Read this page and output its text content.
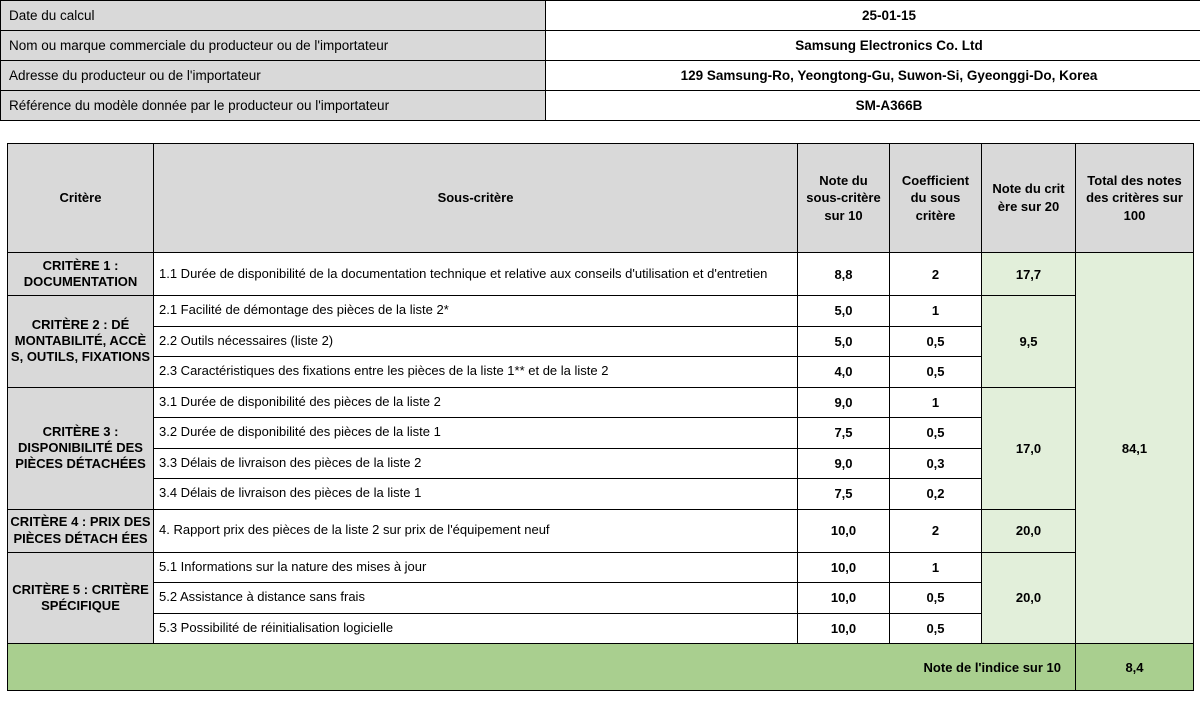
Date du calcul	25-01-15
Nom ou marque commerciale du producteur ou de l'importateur	Samsung Electronics Co. Ltd
Adresse du producteur ou de l'importateur	129 Samsung-Ro, Yeongtong-Gu, Suwon-Si, Gyeonggi-Do, Korea
Référence du modèle donnée par le producteur ou l'importateur	SM-A366B
Critère	Sous-critère	Note du sous-critère sur 10	Coefficient du sous critère	Note du crit ère sur 20	Total des notes des critères sur 100
CRITÈRE 1 : DOCUMENTATION	1.1 Durée de disponibilité de la documentation technique et relative aux conseils d'utilisation et d'entretien	8,8	2	17,7	84,1
CRITÈRE 2 : DÉ MONTABILITÉ, ACCÈ S, OUTILS, FIXATIONS	2.1 Facilité de démontage des pièces de la liste 2*	5,0	1	9,5	
	2.2 Outils nécessaires (liste 2)	5,0	0,5		
	2.3 Caractéristiques des fixations entre les pièces de la liste 1** et de la liste 2	4,0	0,5		
CRITÈRE 3 : DISPONIBILITÉ DES PIÈCES DÉTACHÉES	3.1 Durée de disponibilité des pièces de la liste 2	9,0	1	17,0	
	3.2 Durée de disponibilité des pièces de la liste 1	7,5	0,5		
	3.3 Délais de livraison des pièces de la liste 2	9,0	0,3		
	3.4 Délais de livraison des pièces de la liste 1	7,5	0,2		
CRITÈRE 4 : PRIX DES PIÈCES DÉTACH ÉES	4. Rapport prix des pièces de la liste 2 sur prix de l'équipement neuf	10,0	2	20,0	
CRITÈRE 5 : CRITÈRE SPÉCIFIQUE	5.1 Informations sur la nature des mises à jour	10,0	1	20,0	
	5.2 Assistance à distance sans frais	10,0	0,5		
	5.3 Possibilité de réinitialisation logicielle	10,0	0,5		
Note de l'indice sur 10					8,4
